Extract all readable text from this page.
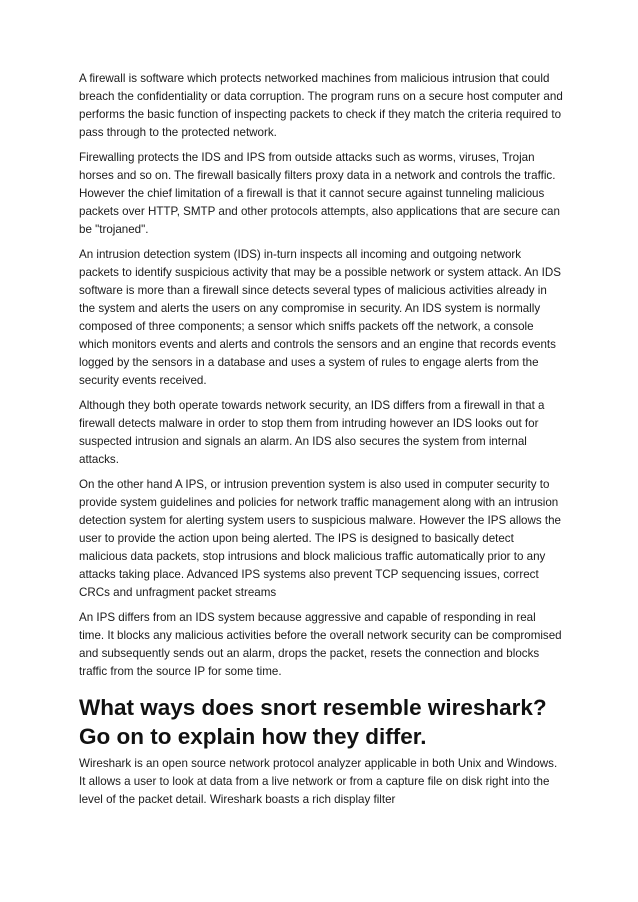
A firewall is software which protects networked machines from malicious intrusion that could breach the confidentiality or data corruption. The program runs on a secure host computer and performs the basic function of inspecting packets to check if they match the criteria required to pass through to the protected network.

Firewalling protects the IDS and IPS from outside attacks such as worms, viruses, Trojan horses and so on. The firewall basically filters proxy data in a network and controls the traffic. However the chief limitation of a firewall is that it cannot secure against tunneling malicious packets over HTTP, SMTP and other protocols attempts, also applications that are secure can be "trojaned".

An intrusion detection system (IDS) in-turn inspects all incoming and outgoing network packets to identify suspicious activity that may be a possible network or system attack. An IDS software is more than a firewall since detects several types of malicious activities already in the system and alerts the users on any compromise in security. An IDS system is normally composed of three components; a sensor which sniffs packets off the network, a console which monitors events and alerts and controls the sensors and an engine that records events logged by the sensors in a database and uses a system of rules to engage alerts from the security events received.

Although they both operate towards network security, an IDS differs from a firewall in that a firewall detects malware in order to stop them from intruding however an IDS looks out for suspected intrusion and signals an alarm. An IDS also secures the system from internal attacks.

On the other hand A IPS, or intrusion prevention system is also used in computer security to provide system guidelines and policies for network traffic management along with an intrusion detection system for alerting system users to suspicious malware. However the IPS allows the user to provide the action upon being alerted. The IPS is designed to basically detect malicious data packets, stop intrusions and block malicious traffic automatically prior to any attacks taking place. Advanced IPS systems also prevent TCP sequencing issues, correct CRCs and unfragment packet streams

An IPS differs from an IDS system because aggressive and capable of responding in real time. It blocks any malicious activities before the overall network security can be compromised and subsequently sends out an alarm, drops the packet, resets the connection and blocks traffic from the source IP for some time.

What ways does snort resemble wireshark? Go on to explain how they differ.

Wireshark is an open source network protocol analyzer applicable in both Unix and Windows. It allows a user to look at data from a live network or from a capture file on disk right into the level of the packet detail. Wireshark boasts a rich display filter
